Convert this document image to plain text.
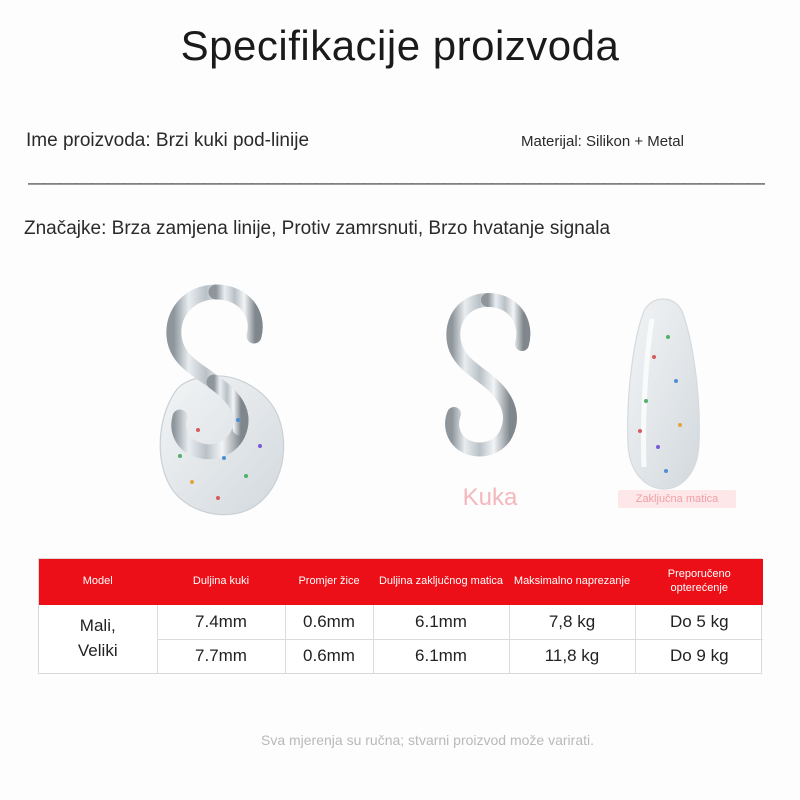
Specifikacije proizvoda
Ime proizvoda: Brzi kuki pod-linije	Materijal: Silikon + Metal
——————————————————————————————————————————————
Značajke: Brza zamjena linije, Protiv zamrsnuti, Brzo hvatanje signala
Kuka	Zaključna matica
Model	Duljina kuki	Promjer žice	Duljina zaključnog matica	Maksimalno naprezanje	Preporučeno opterećenje

Mali,
Veliki	7.4mm	0.6mm	6.1mm	7,8 kg	Do 5 kg
	7.7mm	0.6mm	6.1mm	11,8 kg	Do 9 kg
Sva mjerenja su ručna; stvarni proizvod može varirati.
